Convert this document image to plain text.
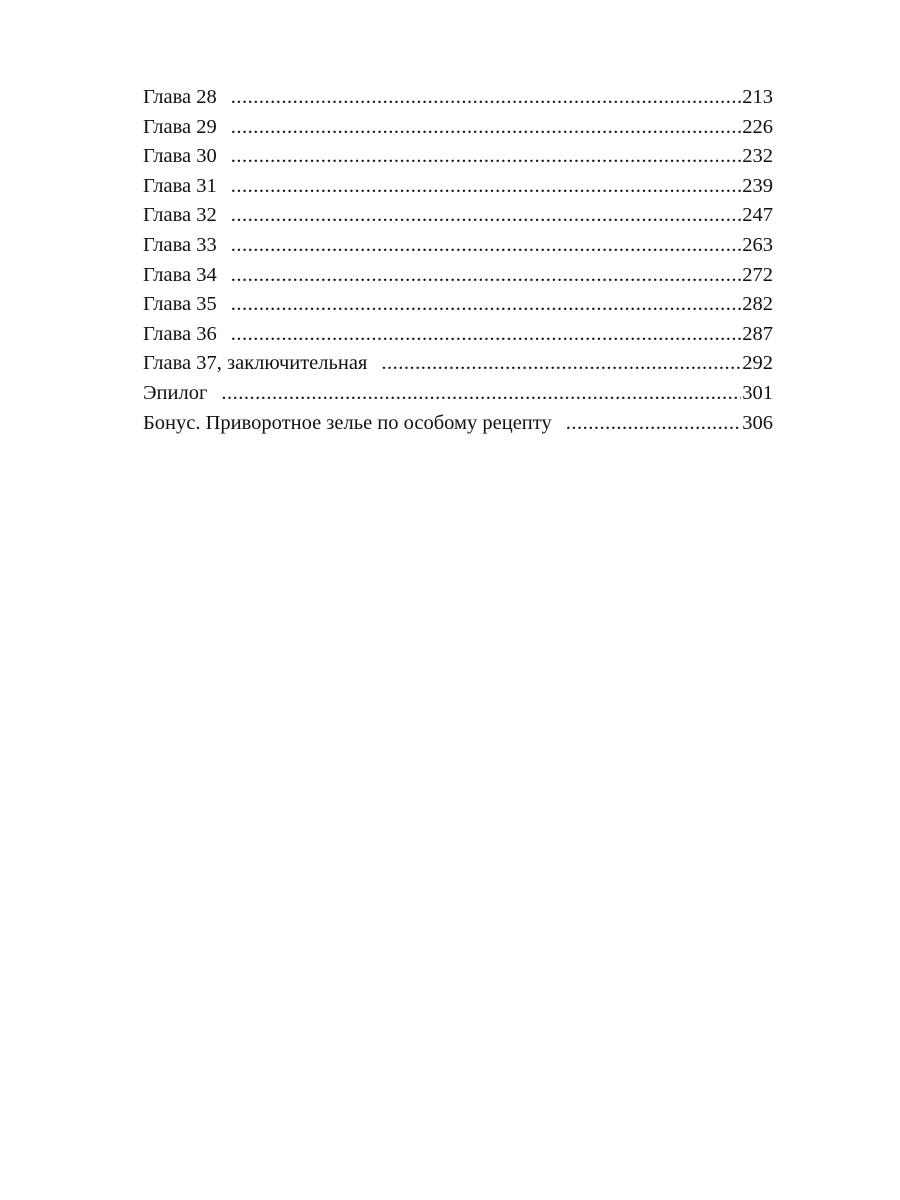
Глава 28 .....	213
Глава 29 .....	226
Глава 30 .....	232
Глава 31 .....	239
Глава 32 .....	247
Глава 33 .....	263
Глава 34 .....	272
Глава 35 .....	282
Глава 36 .....	287
Глава 37, заключительная .....	292
Эпилог .....	301
Бонус. Приворотное зелье по особому рецепту .....	306
